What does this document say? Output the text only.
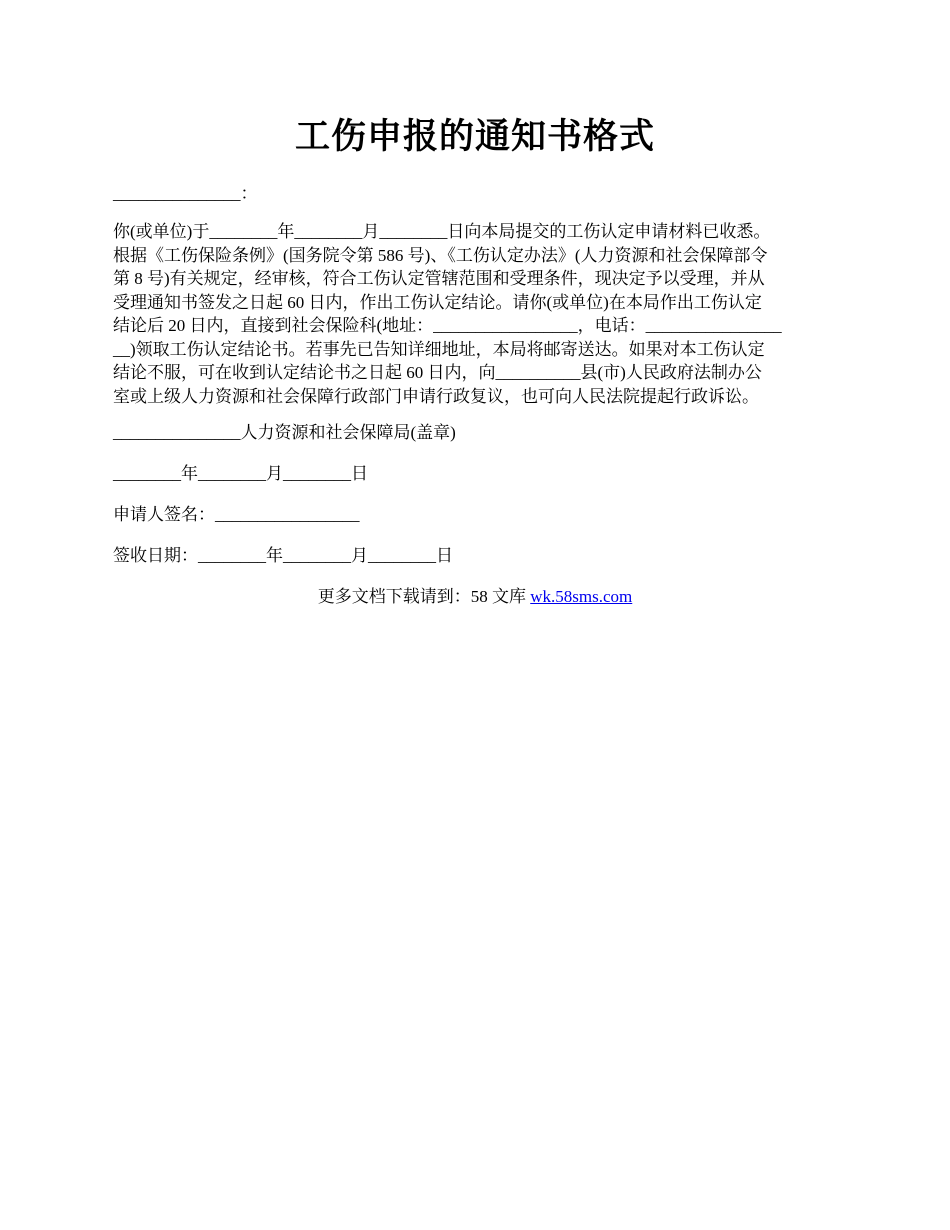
工伤申报的通知书格式
_______________：
你(或单位)于________年________月________日向本局提交的工伤认定申请材料已收悉。
根据《工伤保险条例》(国务院令第 586 号)、《工伤认定办法》(人力资源和社会保障部令
第 8 号)有关规定，经审核，符合工伤认定管辖范围和受理条件，现决定予以受理，并从
受理通知书签发之日起 60 日内，作出工伤认定结论。请你(或单位)在本局作出工伤认定
结论后 20 日内，直接到社会保险科(地址：_________________，电话：________________
__)领取工伤认定结论书。若事先已告知详细地址，本局将邮寄送达。如果对本工伤认定
结论不服，可在收到认定结论书之日起 60 日内，向__________县(市)人民政府法制办公
室或上级人力资源和社会保障行政部门申请行政复议，也可向人民法院提起行政诉讼。
_______________人力资源和社会保障局(盖章)
________年________月________日
申请人签名：_________________
签收日期：________年________月________日
更多文档下载请到：58 文库 wk.58sms.com
